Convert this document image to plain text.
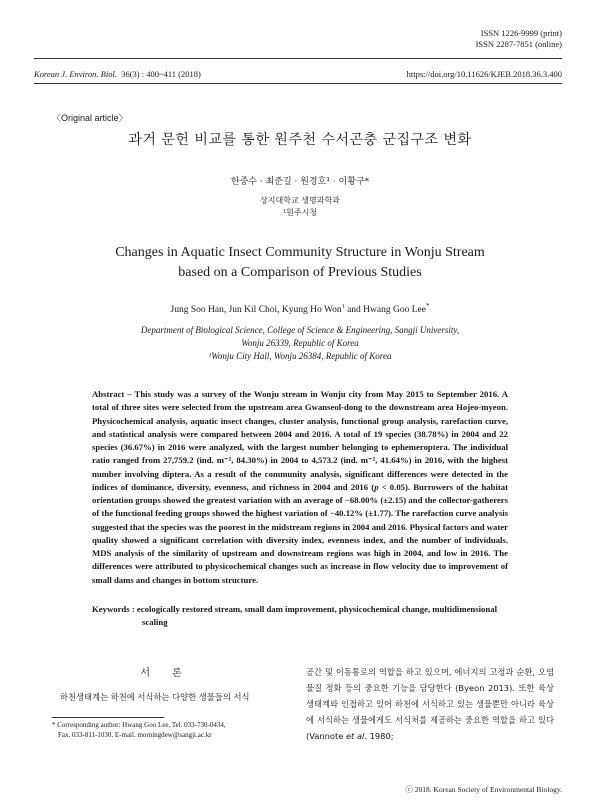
ISSN 1226-9999 (print)
ISSN 2287-7851 (online)
Korean J. Environ. Biol. 36(3) : 400~411 (2018)	https://doi.org/10.11626/KJEB.2018.36.3.400
〈Original article〉
과거 문헌 비교를 통한 원주천 수서곤충 군집구조 변화
한중수 · 최준길 · 원경호¹ · 이황구*
상지대학교 생명과학과
¹원주시청
Changes in Aquatic Insect Community Structure in Wonju Stream
based on a Comparison of Previous Studies
Jung Soo Han, Jun Kil Choi, Kyung Ho Won$^1$ and Hwang Goo Lee*
Department of Biological Science, College of Science & Engineering, Sangji University,
Wonju 26339, Republic of Korea
¹Wonju City Hall, Wonju 26384, Republic of Korea
Abstract – This study was a survey of the Wonju stream in Wonju city from May 2015 to September 2016. A total of three sites were selected from the upstream area Gwanseol-dong to the downstream area Hojeo-myeon. Physicochemical analysis, aquatic insect changes, cluster analysis, functional group analysis, rarefaction curve, and statistical analysis were compared between 2004 and 2016. A total of 19 species (38.78%) in 2004 and 22 species (36.67%) in 2016 were analyzed, with the largest number belonging to ephemeroptera. The individual ratio ranged from 27,759.2 (ind. m⁻², 84.30%) in 2004 to 4,573.2 (ind. m⁻², 41.64%) in 2016, with the highest number involving diptera. As a result of the community analysis, significant differences were detected in the indices of dominance, diversity, evenness, and richness in 2004 and 2016 (p < 0.05). Burrowers of the habitat orientation groups showed the greatest variation with an average of −68.00% (±2.15) and the collector-gatherers of the functional feeding groups showed the highest variation of −40.12% (±1.77). The rarefaction curve analysis suggested that the species was the poorest in the midstream regions in 2004 and 2016. Physical factors and water quality showed a significant correlation with diversity index, evenness index, and the number of individuals. MDS analysis of the similarity of upstream and downstream regions was high in 2004, and low in 2016. The differences were attributed to physicochemical changes such as increase in flow velocity due to improvement of small dams and changes in bottom structure.
Keywords : ecologically restored stream, small dam improvement, physicochemical change, multidimensional scaling
서론
하천생태계는 하천에 서식하는 다양한 생물들의 서식
* Corresponding author: Hwang Goo Lee, Tel. 033-730-0434,
Fax. 033-811-1030, E-mail. morningdew@sangji.ac.kr
공간 및 이동통로의 역할을 하고 있으며, 에너지의 고정과 순환, 오염물질 정화 등의 중요한 기능을 담당한다 (Byeon 2013). 또한 육상생태계와 인접하고 있어 하천에 서식하고 있는 생물뿐만 아니라 육상에 서식하는 생물에게도 서식처를 제공하는 중요한 역할을 하고 있다 (Vannote et al. 1980;
ⓒ 2018. Korean Society of Environmental Biology.
